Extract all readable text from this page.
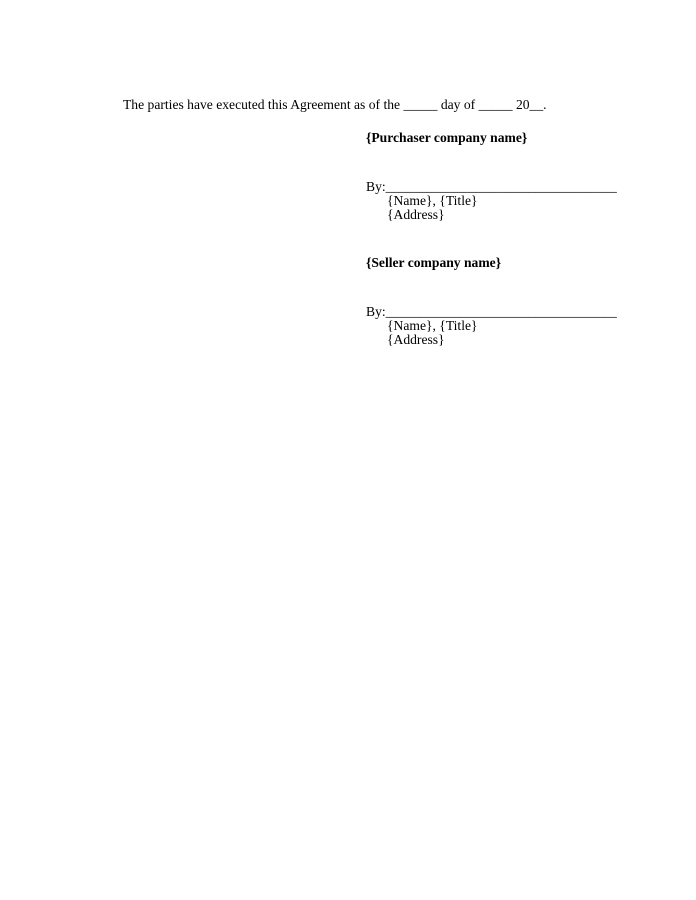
The parties have executed this Agreement as of the _____ day of _____ 20__.
{Purchaser company name}
By:__________________________________
{Name}, {Title}
{Address}
{Seller company name}
By:__________________________________
{Name}, {Title}
{Address}
